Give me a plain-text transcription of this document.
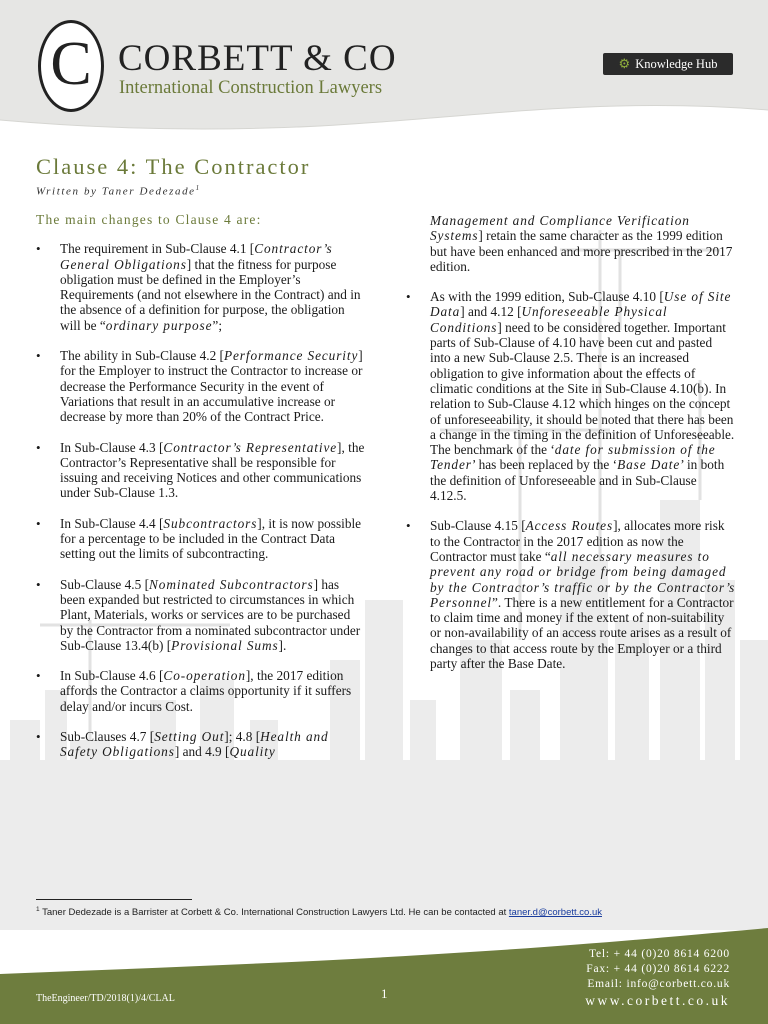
C CORBETT & CO
International Construction Lawyers
⚙ Knowledge Hub
Clause 4: The Contractor
Written by Taner Dedezade$^1$

The main changes to Clause 4 are:

• The requirement in Sub-Clause 4.1 [Contractor’s General Obligations] that the fitness for purpose obligation must be defined in the Employer’s Requirements (and not elsewhere in the Contract) and in the absence of a definition for purpose, the obligation will be “ordinary purpose”;

• The ability in Sub-Clause 4.2 [Performance Security] for the Employer to instruct the Contractor to increase or decrease the Performance Security in the event of Variations that result in an accumulative increase or decrease by more than 20% of the Contract Price.

• In Sub-Clause 4.3 [Contractor’s Representative], the Contractor’s Representative shall be responsible for issuing and receiving Notices and other communications under Sub-Clause 1.3.

• In Sub-Clause 4.4 [Subcontractors], it is now possible for a percentage to be included in the Contract Data setting out the limits of subcontracting.

• Sub-Clause 4.5 [Nominated Subcontractors] has been expanded but restricted to circumstances in which Plant, Materials, works or services are to be purchased by the Contractor from a nominated subcontractor under Sub-Clause 13.4(b) [Provisional Sums].

• In Sub-Clause 4.6 [Co-operation], the 2017 edition affords the Contractor a claims opportunity if it suffers delay and/or incurs Cost.

• Sub-Clauses 4.7 [Setting Out]; 4.8 [Health and Safety Obligations] and 4.9 [Quality

Management and Compliance Verification Systems] retain the same character as the 1999 edition but have been enhanced and more prescribed in the 2017 edition.

• As with the 1999 edition, Sub-Clause 4.10 [Use of Site Data] and 4.12 [Unforeseeable Physical Conditions] need to be considered together. Important parts of Sub-Clause of 4.10 have been cut and pasted into a new Sub-Clause 2.5. There is an increased obligation to give information about the effects of climatic conditions at the Site in Sub-Clause 4.10(b). In relation to Sub-Clause 4.12 which hinges on the concept of unforeseeability, it should be noted that there has been a change in the timing in the definition of Unforeseeable. The benchmark of the ‘date for submission of the Tender’ has been replaced by the ‘Base Date’ in both the definition of Unforeseeable and in Sub-Clause 4.12.5.

• Sub-Clause 4.15 [Access Routes], allocates more risk to the Contractor in the 2017 edition as now the Contractor must take “all necessary measures to prevent any road or bridge from being damaged by the Contractor’s traffic or by the Contractor’s Personnel”. There is a new entitlement for a Contractor to claim time and money if the extent of non-suitability or non-availability of an access route arises as a result of changes to that access route by the Employer or a third party after the Base Date.

$^1$ Taner Dedezade is a Barrister at Corbett & Co. International Construction Lawyers Ltd. He can be contacted at taner.d@corbett.co.uk
Tel: + 44 (0)20 8614 6200
Fax: + 44 (0)20 8614 6222
Email: info@corbett.co.uk
www.corbett.co.uk
TheEngineer/TD/2018(1)/4/CLAL	1
